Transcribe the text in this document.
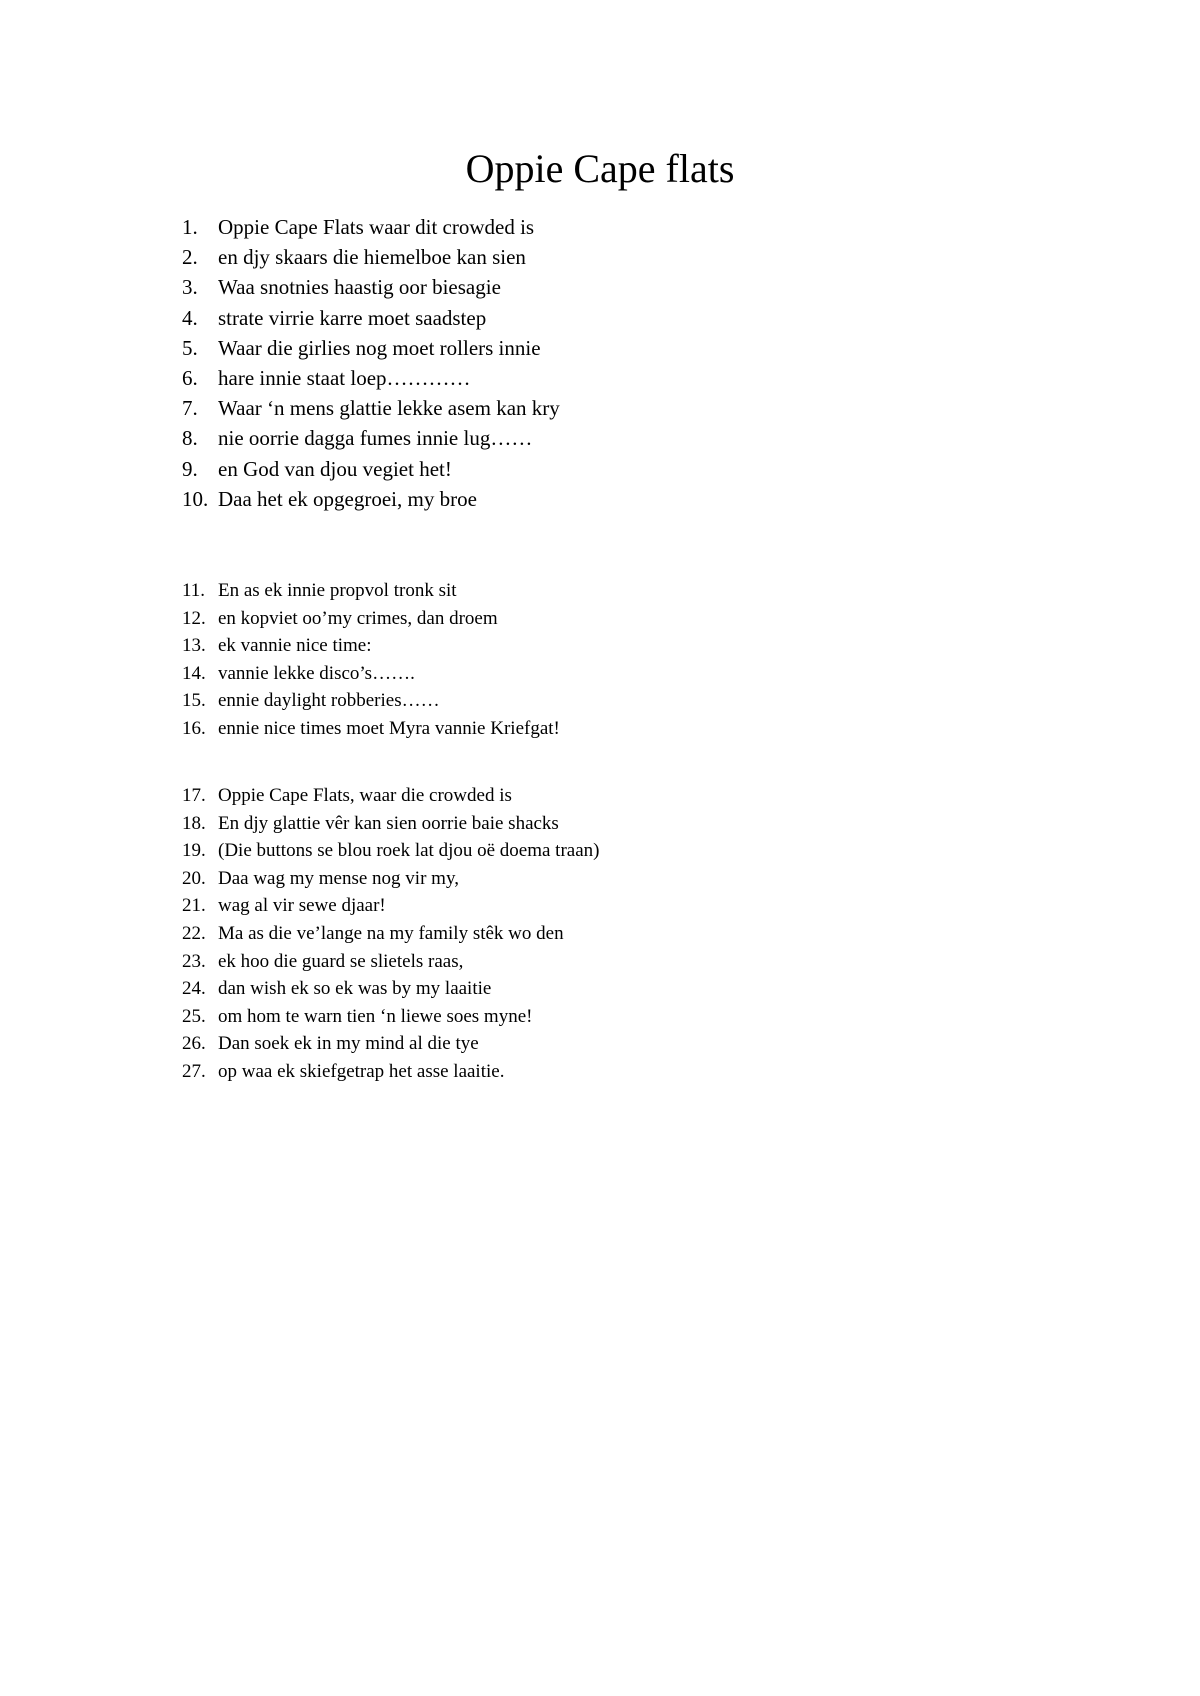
Oppie Cape flats
1. Oppie Cape Flats waar dit crowded is
2. en djy skaars die hiemelboe kan sien
3. Waa snotnies haastig oor biesagie
4. strate virrie karre moet saadstep
5. Waar die girlies nog moet rollers innie
6. hare innie staat loep…………
7. Waar ‘n mens glattie lekke asem kan kry
8. nie oorrie dagga fumes innie lug……
9. en God van djou vegiet het!
10. Daa het ek opgegroei, my broe
11. En as ek innie propvol tronk sit
12. en kopviet oo’my crimes, dan droem
13. ek vannie nice time:
14. vannie lekke disco’s…….
15. ennie daylight robberies……
16. ennie nice times moet Myra vannie Kriefgat!
17. Oppie Cape Flats, waar die crowded is
18. En djy glattie vêr kan sien oorrie baie shacks
19. (Die buttons se blou roek lat djou oë doema traan)
20. Daa wag my mense nog vir my,
21. wag al vir sewe djaar!
22. Ma as die ve’lange na my family stêk wo den
23. ek hoo die guard se slietels raas,
24. dan wish ek so ek was by my laaitie
25. om hom te warn tien ‘n liewe soes myne!
26. Dan soek ek in my mind al die tye
27. op waa ek skiefgetrap het asse laaitie.
